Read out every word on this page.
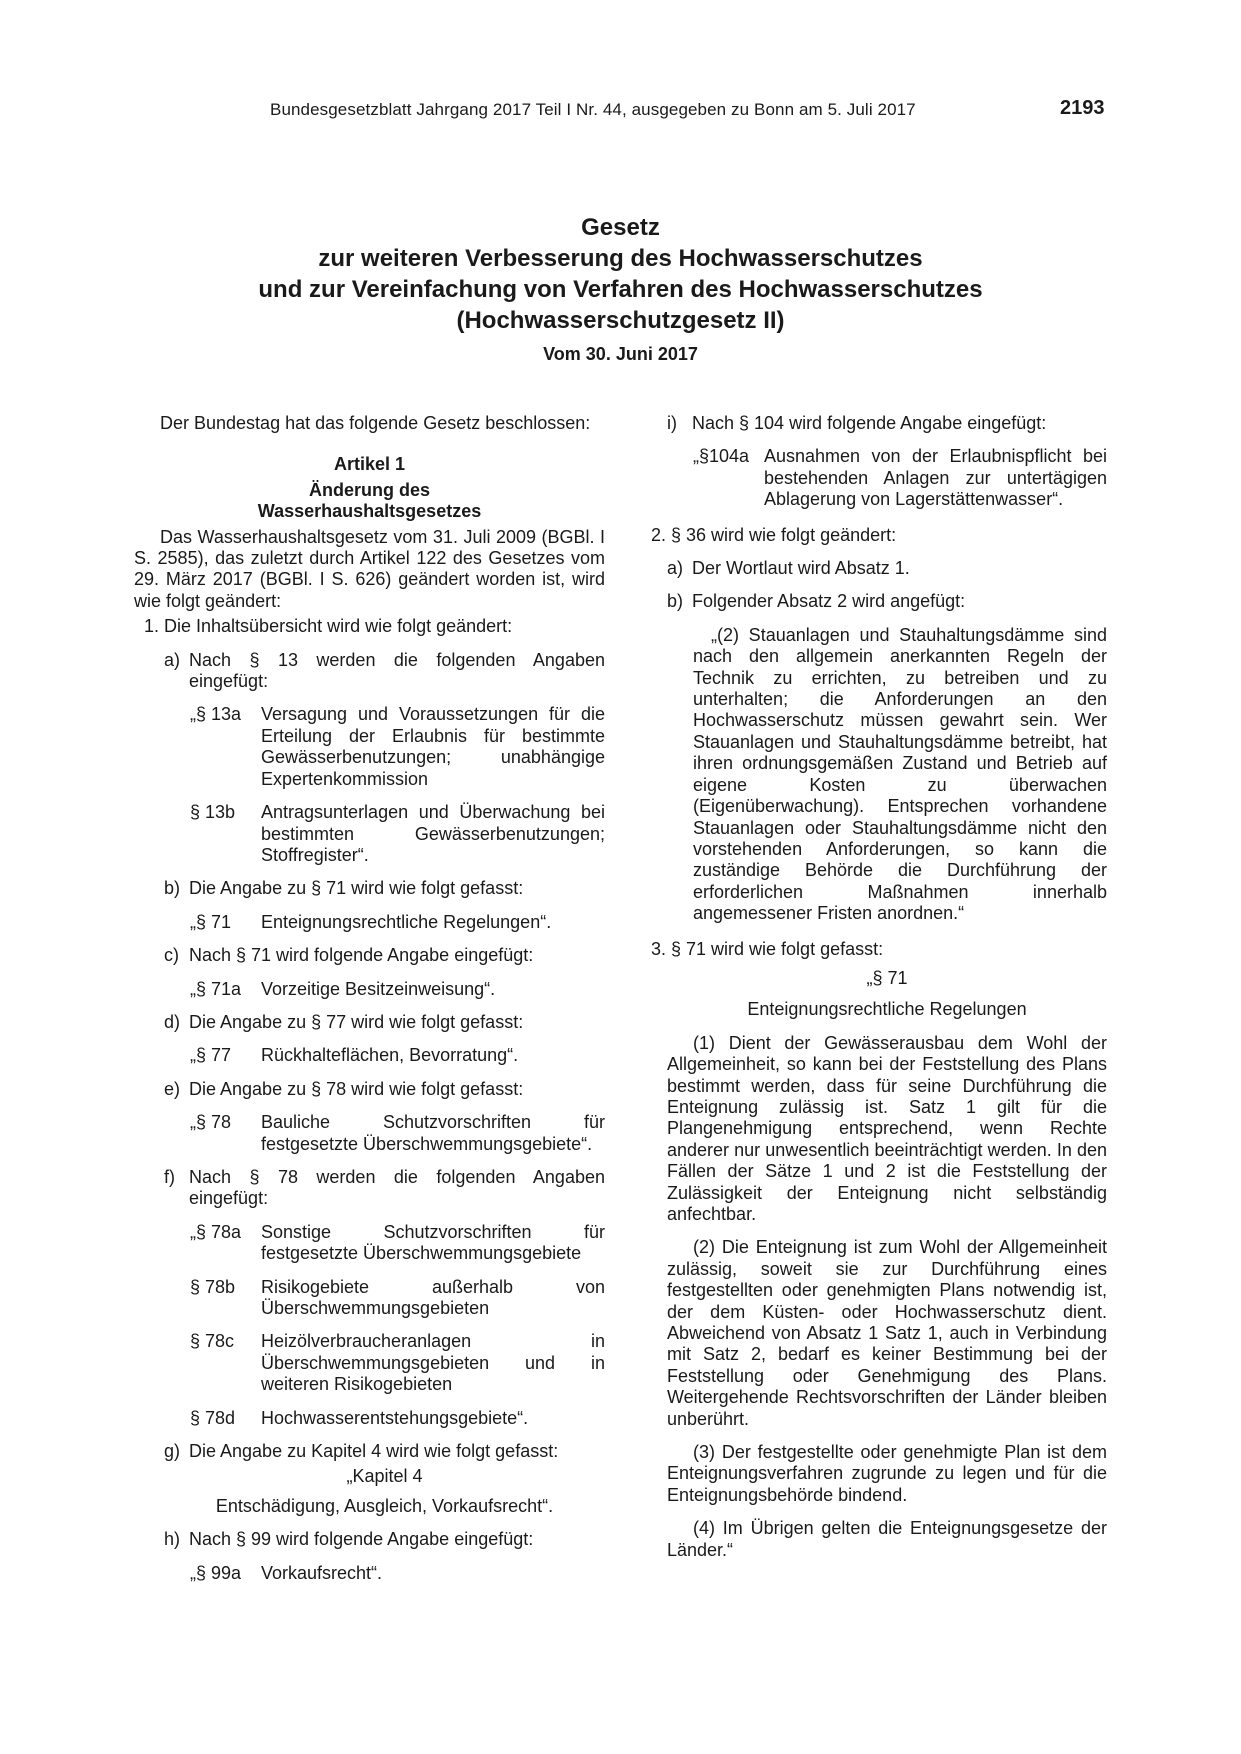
Bundesgesetzblatt Jahrgang 2017 Teil I Nr. 44, ausgegeben zu Bonn am 5. Juli 2017	2193
Gesetz
zur weiteren Verbesserung des Hochwasserschutzes
und zur Vereinfachung von Verfahren des Hochwasserschutzes
(Hochwasserschutzgesetz II)
Vom 30. Juni 2017

Der Bundestag hat das folgende Gesetz beschlossen:

Artikel 1

Änderung des

Wasserhaushaltsgesetzes

Das Wasserhaushaltsgesetz vom 31. Juli 2009 (BGBl. I S. 2585), das zuletzt durch Artikel 122 des Gesetzes vom 29. März 2017 (BGBl. I S. 626) geändert worden ist, wird wie folgt geändert:

1. Die Inhaltsübersicht wird wie folgt geändert:
a) Nach § 13 werden die folgenden Angaben eingefügt:
„§ 13a	Versagung und Voraussetzungen für die Erteilung der Erlaubnis für bestimmte Gewässerbenutzungen; unabhängige Expertenkommission
§ 13b	Antragsunterlagen und Überwachung bei bestimmten Gewässerbenutzungen; Stoffregister“.
b) Die Angabe zu § 71 wird wie folgt gefasst:
„§ 71	Enteignungsrechtliche Regelungen“.
c) Nach § 71 wird folgende Angabe eingefügt:
„§ 71a	Vorzeitige Besitzeinweisung“.
d) Die Angabe zu § 77 wird wie folgt gefasst:
„§ 77	Rückhalteflächen, Bevorratung“.
e) Die Angabe zu § 78 wird wie folgt gefasst:
„§ 78	Bauliche Schutzvorschriften für festgesetzte Überschwemmungsgebiete“.
f) Nach § 78 werden die folgenden Angaben eingefügt:
„§ 78a	Sonstige Schutzvorschriften für festgesetzte Überschwemmungsgebiete
§ 78b	Risikogebiete außerhalb von Überschwemmungsgebieten
§ 78c	Heizölverbraucheranlagen in Überschwemmungsgebieten und in weiteren Risikogebieten
§ 78d	Hochwasserentstehungsgebiete“.
g) Die Angabe zu Kapitel 4 wird wie folgt gefasst:

„Kapitel 4

Entschädigung, Ausgleich, Vorkaufsrecht“.

h) Nach § 99 wird folgende Angabe eingefügt:
„§ 99a	Vorkaufsrecht“.
i) Nach § 104 wird folgende Angabe eingefügt:
„§104a Ausnahmen von der Erlaubnispflicht bei bestehenden Anlagen zur untertägigen Ablagerung von Lagerstättenwasser“.
2. § 36 wird wie folgt geändert:
a) Der Wortlaut wird Absatz 1.
b) Folgender Absatz 2 wird angefügt:

„(2) Stauanlagen und Stauhaltungsdämme sind nach den allgemein anerkannten Regeln der Technik zu errichten, zu betreiben und zu unterhalten; die Anforderungen an den Hochwasserschutz müssen gewahrt sein. Wer Stauanlagen und Stauhaltungsdämme betreibt, hat ihren ordnungsgemäßen Zustand und Betrieb auf eigene Kosten zu überwachen (Eigenüberwachung). Entsprechen vorhandene Stauanlagen oder Stauhaltungsdämme nicht den vorstehenden Anforderungen, so kann die zuständige Behörde die Durchführung der erforderlichen Maßnahmen innerhalb angemessener Fristen anordnen.“

3. § 71 wird wie folgt gefasst:

„§ 71

Enteignungsrechtliche Regelungen

(1) Dient der Gewässerausbau dem Wohl der Allgemeinheit, so kann bei der Feststellung des Plans bestimmt werden, dass für seine Durchführung die Enteignung zulässig ist. Satz 1 gilt für die Plangenehmigung entsprechend, wenn Rechte anderer nur unwesentlich beeinträchtigt werden. In den Fällen der Sätze 1 und 2 ist die Feststellung der Zulässigkeit der Enteignung nicht selbständig anfechtbar.

(2) Die Enteignung ist zum Wohl der Allgemeinheit zulässig, soweit sie zur Durchführung eines festgestellten oder genehmigten Plans notwendig ist, der dem Küsten- oder Hochwasserschutz dient. Abweichend von Absatz 1 Satz 1, auch in Verbindung mit Satz 2, bedarf es keiner Bestimmung bei der Feststellung oder Genehmigung des Plans. Weitergehende Rechtsvorschriften der Länder bleiben unberührt.

(3) Der festgestellte oder genehmigte Plan ist dem Enteignungsverfahren zugrunde zu legen und für die Enteignungsbehörde bindend.

(4) Im Übrigen gelten die Enteignungsgesetze der Länder.“
